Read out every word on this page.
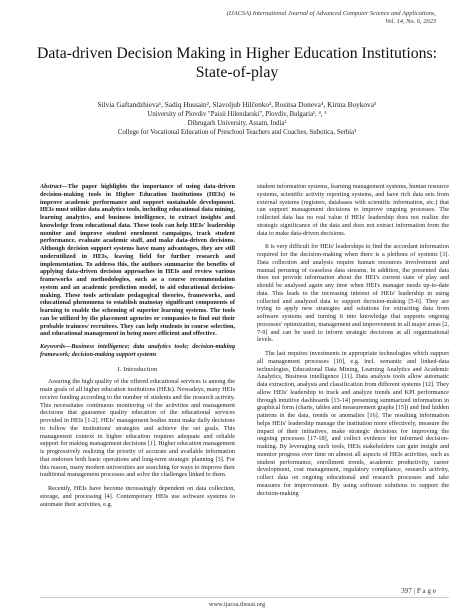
(IJACSA) International Journal of Advanced Computer Science and Applications,
Vol. 14, No. 6, 2023
Data-driven Decision Making in Higher Education Institutions: State-of-play
Silvia Gaftandzhieva¹, Sadiq Hussain², Slavoljub Hilčenko³, Rositsa Doneva⁴, Kirina Boykova⁵
University of Plovdiv "Paisii Hilendarski", Plovdiv, Bulgaria¹, ⁴, ⁵
Dibrugarh University, Assam, India²
College for Vocational Education of Preschool Teachers and Coaches, Subotica, Serbia³

Abstract—The paper highlights the importance of using data-driven decision-making tools in Higher Education Institutions (HEIs) to improve academic performance and support sustainable development. HEIs must utilize data analytics tools, including educational data mining, learning analytics, and business intelligence, to extract insights and knowledge from educational data. These tools can help HEIs' leadership monitor and improve student enrolment campaigns, track student performance, evaluate academic staff, and make data-driven decisions. Although decision support systems have many advantages, they are still underutilized in HEIs, leaving field for further research and implementation. To address this, the authors summarize the benefits of applying data-driven decision approaches in HEIs and review various frameworks and methodologies, such as a course recommendation system and an academic prediction model, to aid educational decision-making. These tools articulate pedagogical theories, frameworks, and educational phenomena to establish mainstay significant components of learning to enable the scheming of superior learning systems. The tools can be utilized by the placement agencies or companies to find out their probable trainees/ recruitees. They can help students in course selection, and educational management in being more efficient and effective.

Keywords—Business intelligence; data analytics tools; decision-making framework; decision-making support systems

I. Introduction

Assuring the high quality of the offered educational services is among the main goals of all higher education institutions (HEIs). Nowadays, many HEIs receive funding according to the number of students and the research activity. This necessitates continuous monitoring of the activities and management decisions that guarantee quality education of the educational services provided in HEIs [1-2]. HEIs' management bodies must make daily decisions to follow the institutions' strategies and achieve the set goals. This management context in higher education requires adequate and reliable support for making management decisions [1]. Higher education management is progressively realizing the priority of accurate and available information that endorses both basic operations and long-term strategic planning [3]. For this reason, many modern universities are searching for ways to improve their traditional management processes and solve the challenges linked to them.

Recently, HEIs have become increasingly dependent on data collection, storage, and processing [4]. Contemporary HEIs use software systems to automate their activities, e.g.

student information systems, learning management systems, human resource systems, scientific activity reporting systems, and have rich data sets from external systems (registers, databases with scientific information, etc.) that can support management decisions to improve ongoing processes. The collected data has no real value if HEIs' leadership does not realize the strategic significance of the data and does not extract information from the data to make data-driven decisions.

It is very difficult for HEIs' leaderships to find the accordant information required for the decision-making when there is a plethora of systems [3]. Data collection and analysis require human resources involvement and manual perusing of ceaseless data streams. In addition, the presented data does not provide information about the HEI's current state of play and should be analysed again any time when HEI's manager needs up-to-date data. This leads to the increasing interest of HEIs' leadership in using collected and analyzed data to support decision-making [5-6]. They are trying to apply new strategies and solutions for extracting data from software systems and turning it into knowledge that supports ongoing processes' optimization, management and improvement in all major areas [2, 7-9] and can be used to inform strategic decisions at all organizational levels.

The last requires investments in appropriate technologies which support all management processes [10], e.g. incl. semantic and linked-data technologies, Educational Data Mining, Learning Analytics and Academic Analytics, Business intelligence [11]. Data analysis tools allow automatic data extraction, analysis and classification from different systems [12]. They allow HEIs' leadership to track and analyze trends and KPI performance through intuitive dashboards [13-14] presenting summarized information in graphical form (charts, tables and measurement graphs [15]) and find hidden patterns in the data, trends or anomalies [16]. The resulting information helps HEIs' leadership manage the institution more effectively, measure the impact of their initiatives, make strategic decisions for improving the ongoing processes [17-18], and collect evidence for informed decision-making. By leveraging such tools, HEIs stakeholders can gain insight and monitor progress over time on almost all aspects of HEIs activities, such as student performance, enrollment trends, academic productivity, career development, cost management, regulatory compliance, research activity, collect data on ongoing educational and research processes and take measures for improvement. By using software solutions to support the decision-making

397 | P a g e
www.ijacsa.thesai.org
